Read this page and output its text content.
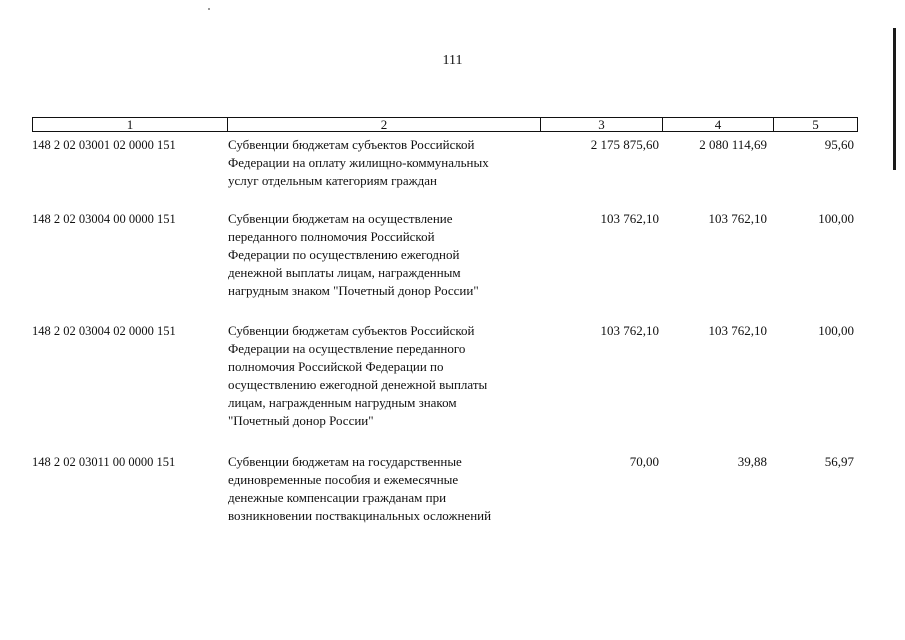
111
1	2	3	4	5
148 2 02 03001 02 0000 151	Субвенции бюджетам субъектов Российской
Федерации на оплату жилищно-коммунальных
услуг отдельным категориям граждан
2 175 875,60	2 080 114,69	95,60
148 2 02 03004 00 0000 151	Субвенции бюджетам на осуществление
переданного полномочия Российской
Федерации по осуществлению ежегодной
денежной выплаты лицам, награжденным
нагрудным знаком "Почетный донор России"
103 762,10	103 762,10	100,00
148 2 02 03004 02 0000 151	Субвенции бюджетам субъектов Российской
Федерации на осуществление переданного
полномочия Российской Федерации по
осуществлению ежегодной денежной выплаты
лицам, награжденным нагрудным знаком
"Почетный донор России"
103 762,10	103 762,10	100,00
148 2 02 03011 00 0000 151	Субвенции бюджетам на государственные
единовременные пособия и ежемесячные
денежные компенсации гражданам при
возникновении поствакцинальных осложнений
70,00	39,88	56,97
